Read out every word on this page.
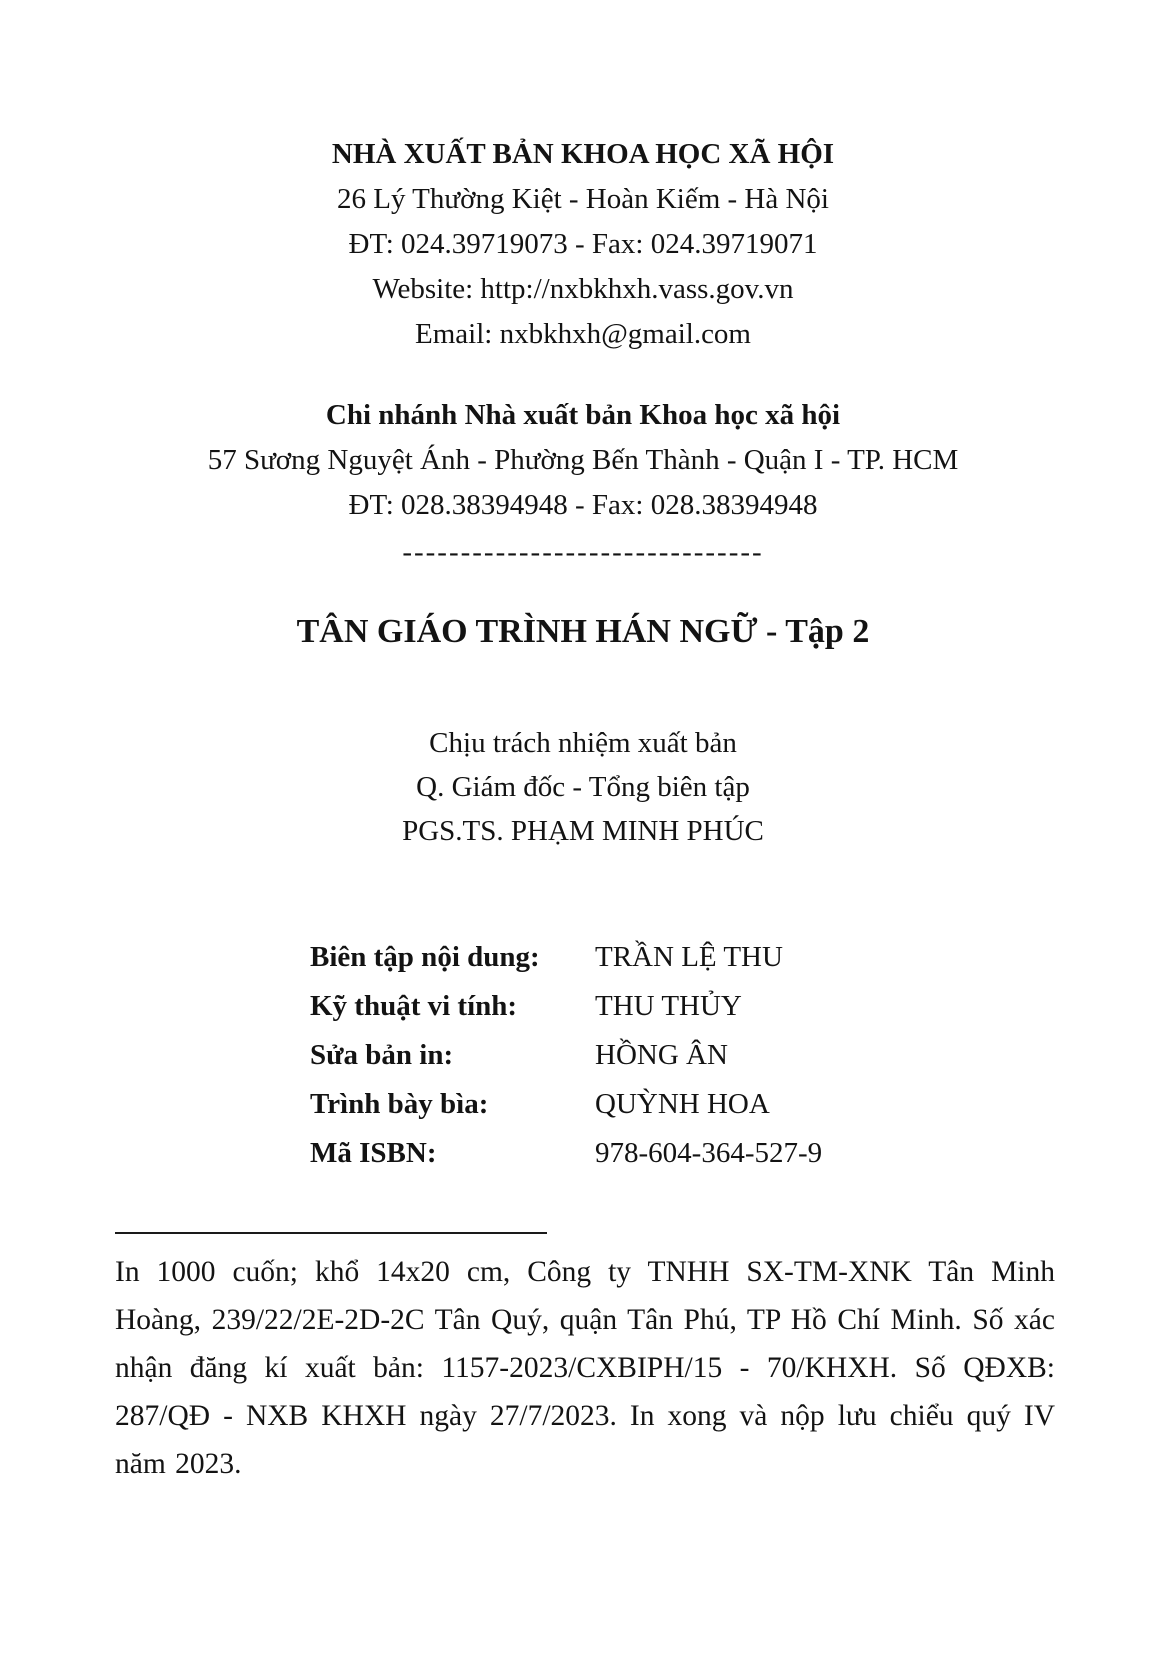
NHÀ XUẤT BẢN KHOA HỌC XÃ HỘI
26 Lý Thường Kiệt - Hoàn Kiếm - Hà Nội
ĐT: 024.39719073 - Fax: 024.39719071
Website: http://nxbkhxh.vass.gov.vn
Email: nxbkhxh@gmail.com
Chi nhánh Nhà xuất bản Khoa học xã hội
57 Sương Nguyệt Ánh - Phường Bến Thành - Quận I - TP. HCM
ĐT: 028.38394948 - Fax: 028.38394948
-------------------------------
TÂN GIÁO TRÌNH HÁN NGỮ - Tập 2
Chịu trách nhiệm xuất bản
Q. Giám đốc - Tổng biên tập
PGS.TS. PHẠM MINH PHÚC
Biên tập nội dung:	TRẦN LỆ THU
Kỹ thuật vi tính:	THU THỦY
Sửa bản in:	HỒNG ÂN
Trình bày bìa:	QUỲNH HOA
Mã ISBN:	978-604-364-527-9
In 1000 cuốn; khổ 14x20 cm, Công ty TNHH SX-TM-XNK Tân Minh Hoàng, 239/22/2E-2D-2C Tân Quý, quận Tân Phú, TP Hồ Chí Minh. Số xác nhận đăng kí xuất bản: 1157-2023/CXBIPH/15 - 70/KHXH. Số QĐXB: 287/QĐ - NXB KHXH ngày 27/7/2023. In xong và nộp lưu chiểu quý IV năm 2023.
